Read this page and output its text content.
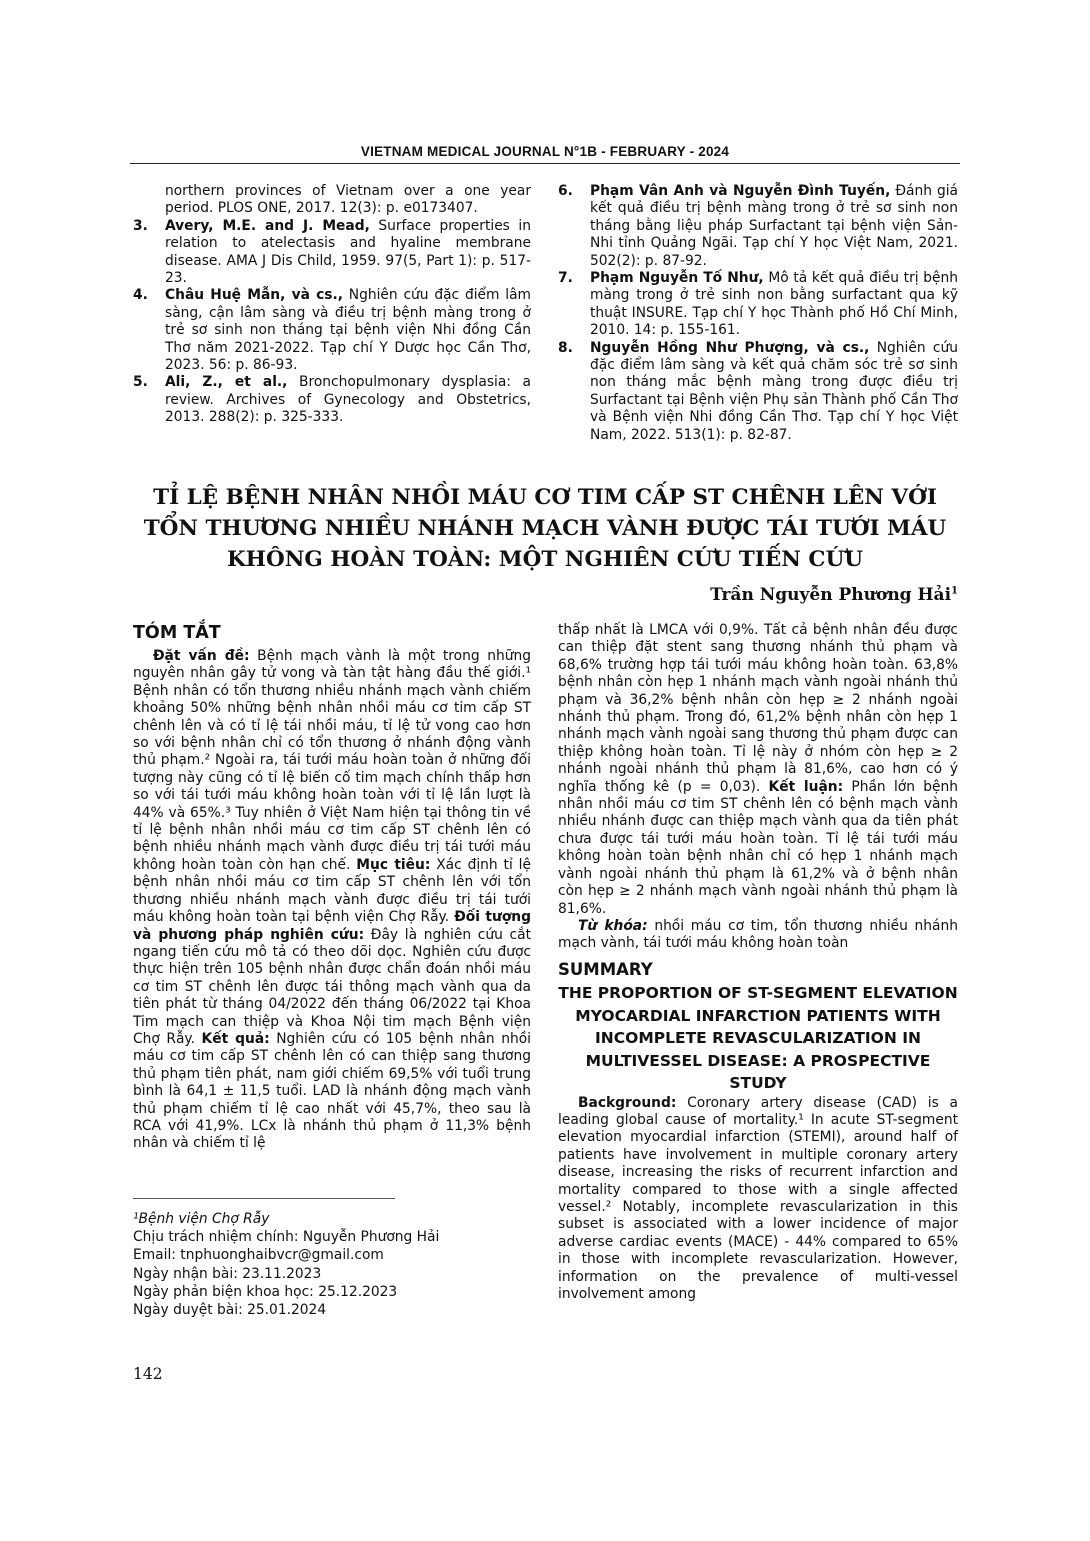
VIETNAM MEDICAL JOURNAL N°1B - FEBRUARY - 2024
northern provinces of Vietnam over a one year period. PLOS ONE, 2017. 12(3): p. e0173407.
3.	Avery, M.E. and J. Mead, Surface properties in relation to atelectasis and hyaline membrane disease. AMA J Dis Child, 1959. 97(5, Part 1): p. 517-23.
4.	Châu Huệ Mẫn, và cs., Nghiên cứu đặc điểm lâm sàng, cận lâm sàng và điều trị bệnh màng trong ở trẻ sơ sinh non tháng tại bệnh viện Nhi đồng Cần Thơ năm 2021-2022. Tạp chí Y Dược học Cần Thơ, 2023. 56: p. 86-93.
5.	Ali, Z., et al., Bronchopulmonary dysplasia: a review. Archives of Gynecology and Obstetrics, 2013. 288(2): p. 325-333.
6.	Phạm Vân Anh và Nguyễn Đình Tuyến, Đánh giá kết quả điều trị bệnh màng trong ở trẻ sơ sinh non tháng bằng liệu pháp Surfactant tại bệnh viện Sản-Nhi tỉnh Quảng Ngãi. Tạp chí Y học Việt Nam, 2021. 502(2): p. 87-92.
7.	Phạm Nguyễn Tố Như, Mô tả kết quả điều trị bệnh màng trong ở trẻ sinh non bằng surfactant qua kỹ thuật INSURE. Tạp chí Y học Thành phố Hồ Chí Minh, 2010. 14: p. 155-161.
8.	Nguyễn Hồng Như Phượng, và cs., Nghiên cứu đặc điểm lâm sàng và kết quả chăm sóc trẻ sơ sinh non tháng mắc bệnh màng trong được điều trị Surfactant tại Bệnh viện Phụ sản Thành phố Cần Thơ và Bệnh viện Nhi đồng Cần Thơ. Tạp chí Y học Việt Nam, 2022. 513(1): p. 82-87.
TỈ LỆ BỆNH NHÂN NHỒI MÁU CƠ TIM CẤP ST CHÊNH LÊN VỚI
TỔN THƯƠNG NHIỀU NHÁNH MẠCH VÀNH ĐƯỢC TÁI TƯỚI MÁU
KHÔNG HOÀN TOÀN: MỘT NGHIÊN CỨU TIẾN CỨU
Trần Nguyễn Phương Hải$^1$
TÓM TẮT

Đặt vấn đề: Bệnh mạch vành là một trong những nguyên nhân gây tử vong và tàn tật hàng đầu thế giới.¹ Bệnh nhân có tổn thương nhiều nhánh mạch vành chiếm khoảng 50% những bệnh nhân nhồi máu cơ tim cấp ST chênh lên và có tỉ lệ tái nhồi máu, tỉ lệ tử vong cao hơn so với bệnh nhân chỉ có tổn thương ở nhánh động vành thủ phạm.² Ngoài ra, tái tưới máu hoàn toàn ở những đối tượng này cũng có tỉ lệ biến cố tim mạch chính thấp hơn so với tái tưới máu không hoàn toàn với tỉ lệ lần lượt là 44% và 65%.³ Tuy nhiên ở Việt Nam hiện tại thông tin về tỉ lệ bệnh nhân nhồi máu cơ tim cấp ST chênh lên có bệnh nhiều nhánh mạch vành được điều trị tái tưới máu không hoàn toàn còn hạn chế. Mục tiêu: Xác định tỉ lệ bệnh nhân nhồi máu cơ tim cấp ST chênh lên với tổn thương nhiều nhánh mạch vành được điều trị tái tưới máu không hoàn toàn tại bệnh viện Chợ Rẫy. Đối tượng và phương pháp nghiên cứu: Đây là nghiên cứu cắt ngang tiến cứu mô tả có theo dõi dọc. Nghiên cứu được thực hiện trên 105 bệnh nhân được chẩn đoán nhồi máu cơ tim ST chênh lên được tái thông mạch vành qua da tiên phát từ tháng 04/2022 đến tháng 06/2022 tại Khoa Tim mạch can thiệp và Khoa Nội tim mạch Bệnh viện Chợ Rẫy. Kết quả: Nghiên cứu có 105 bệnh nhân nhồi máu cơ tim cấp ST chênh lên có can thiệp sang thương thủ phạm tiên phát, nam giới chiếm 69,5% với tuổi trung bình là 64,1 ± 11,5 tuổi. LAD là nhánh động mạch vành thủ phạm chiếm tỉ lệ cao nhất với 45,7%, theo sau là RCA với 41,9%. LCx là nhánh thủ phạm ở 11,3% bệnh nhân và chiếm tỉ lệ

thấp nhất là LMCA với 0,9%. Tất cả bệnh nhân đều được can thiệp đặt stent sang thương nhánh thủ phạm và 68,6% trường hợp tái tưới máu không hoàn toàn. 63,8% bệnh nhân còn hẹp 1 nhánh mạch vành ngoài nhánh thủ phạm và 36,2% bệnh nhân còn hẹp ≥ 2 nhánh ngoài nhánh thủ phạm. Trong đó, 61,2% bệnh nhân còn hẹp 1 nhánh mạch vành ngoài sang thương thủ phạm được can thiệp không hoàn toàn. Tỉ lệ này ở nhóm còn hẹp ≥ 2 nhánh ngoài nhánh thủ phạm là 81,6%, cao hơn có ý nghĩa thống kê (p = 0,03). Kết luận: Phần lớn bệnh nhân nhồi máu cơ tim ST chênh lên có bệnh mạch vành nhiều nhánh được can thiệp mạch vành qua da tiên phát chưa được tái tưới máu hoàn toàn. Tỉ lệ tái tưới máu không hoàn toàn bệnh nhân chỉ có hẹp 1 nhánh mạch vành ngoài nhánh thủ phạm là 61,2% và ở bệnh nhân còn hẹp ≥ 2 nhánh mạch vành ngoài nhánh thủ phạm là 81,6%.

Từ khóa: nhồi máu cơ tim, tổn thương nhiều nhánh mạch vành, tái tưới máu không hoàn toàn

SUMMARY
THE PROPORTION OF ST-SEGMENT ELEVATION MYOCARDIAL INFARCTION PATIENTS WITH INCOMPLETE REVASCULARIZATION IN MULTIVESSEL DISEASE: A PROSPECTIVE STUDY

Background: Coronary artery disease (CAD) is a leading global cause of mortality.¹ In acute ST-segment elevation myocardial infarction (STEMI), around half of patients have involvement in multiple coronary artery disease, increasing the risks of recurrent infarction and mortality compared to those with a single affected vessel.² Notably, incomplete revascularization in this subset is associated with a lower incidence of major adverse cardiac events (MACE) - 44% compared to 65% in those with incomplete revascularization. However, information on the prevalence of multi-vessel involvement among

¹Bệnh viện Chợ Rẫy
Chịu trách nhiệm chính: Nguyễn Phương Hải
Email: tnphuonghaibvcr@gmail.com
Ngày nhận bài: 23.11.2023
Ngày phản biện khoa học: 25.12.2023
Ngày duyệt bài: 25.01.2024
142
